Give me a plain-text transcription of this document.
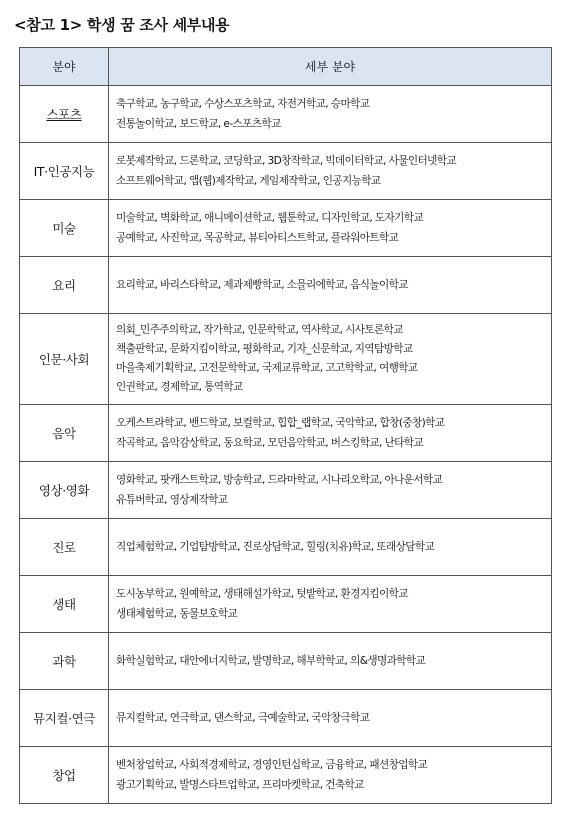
<참고 1> 학생 꿈 조사 세부내용
분야	세부 분야
스포츠	축구학교, 농구학교, 수상스포츠학교, 자전거학교, 승마학교
전통놀이학교, 보드학교, e-스포츠학교

IT·인공지능	로봇제작학교, 드론학교, 코딩학교, 3D창작학교, 빅데이터학교, 사물인터넷학교
소프트웨어학교, 앱(웹)제작학교, 게임제작학교, 인공지능학교

미술	미술학교, 벽화학교, 애니메이션학교, 웹툰학교, 디자인학교, 도자기학교
공예학교, 사진학교, 목공학교, 뷰티아티스트학교, 플라워아트학교

요리	요리학교, 바리스타학교, 제과제빵학교, 소믈리에학교, 음식놀이학교

인문·사회	의회_민주주의학교, 작가학교, 인문학학교, 역사학교, 시사토론학교
책출판학교, 문화지킴이학교, 평화학교, 기자_신문학교, 지역탐방학교
마을축제기획학교, 고전문학학교, 국제교류학교, 고고학학교, 여행학교
인권학교, 경제학교, 통역학교

음악	오케스트라학교, 밴드학교, 보컬학교, 힙합_랩학교, 국악학교, 합창(중창)학교
작곡학교, 음악감상학교, 동요학교, 모던음악학교, 버스킹학교, 난타학교

영상·영화	영화학교, 팟캐스트학교, 방송학교, 드라마학교, 시나리오학교, 아나운서학교
유튜버학교, 영상제작학교

진로	직업체험학교, 기업탐방학교, 진로상담학교, 힐링(치유)학교, 또래상담학교

생태	도시농부학교, 원예학교, 생태해설가학교, 텃밭학교, 환경지킴이학교
생태체험학교, 동물보호학교

과학	화학실험학교, 대안에너지학교, 발명학교, 해부학학교, 의&생명과학학교

뮤지컬·연극	뮤지컬학교, 연극학교, 댄스학교, 극예술학교, 국악창극학교

창업	벤처창업학교, 사회적경제학교, 경영인턴십학교, 금융학교, 패션창업학교
광고기획학교, 발명스타트업학교, 프리마켓학교, 건축학교
